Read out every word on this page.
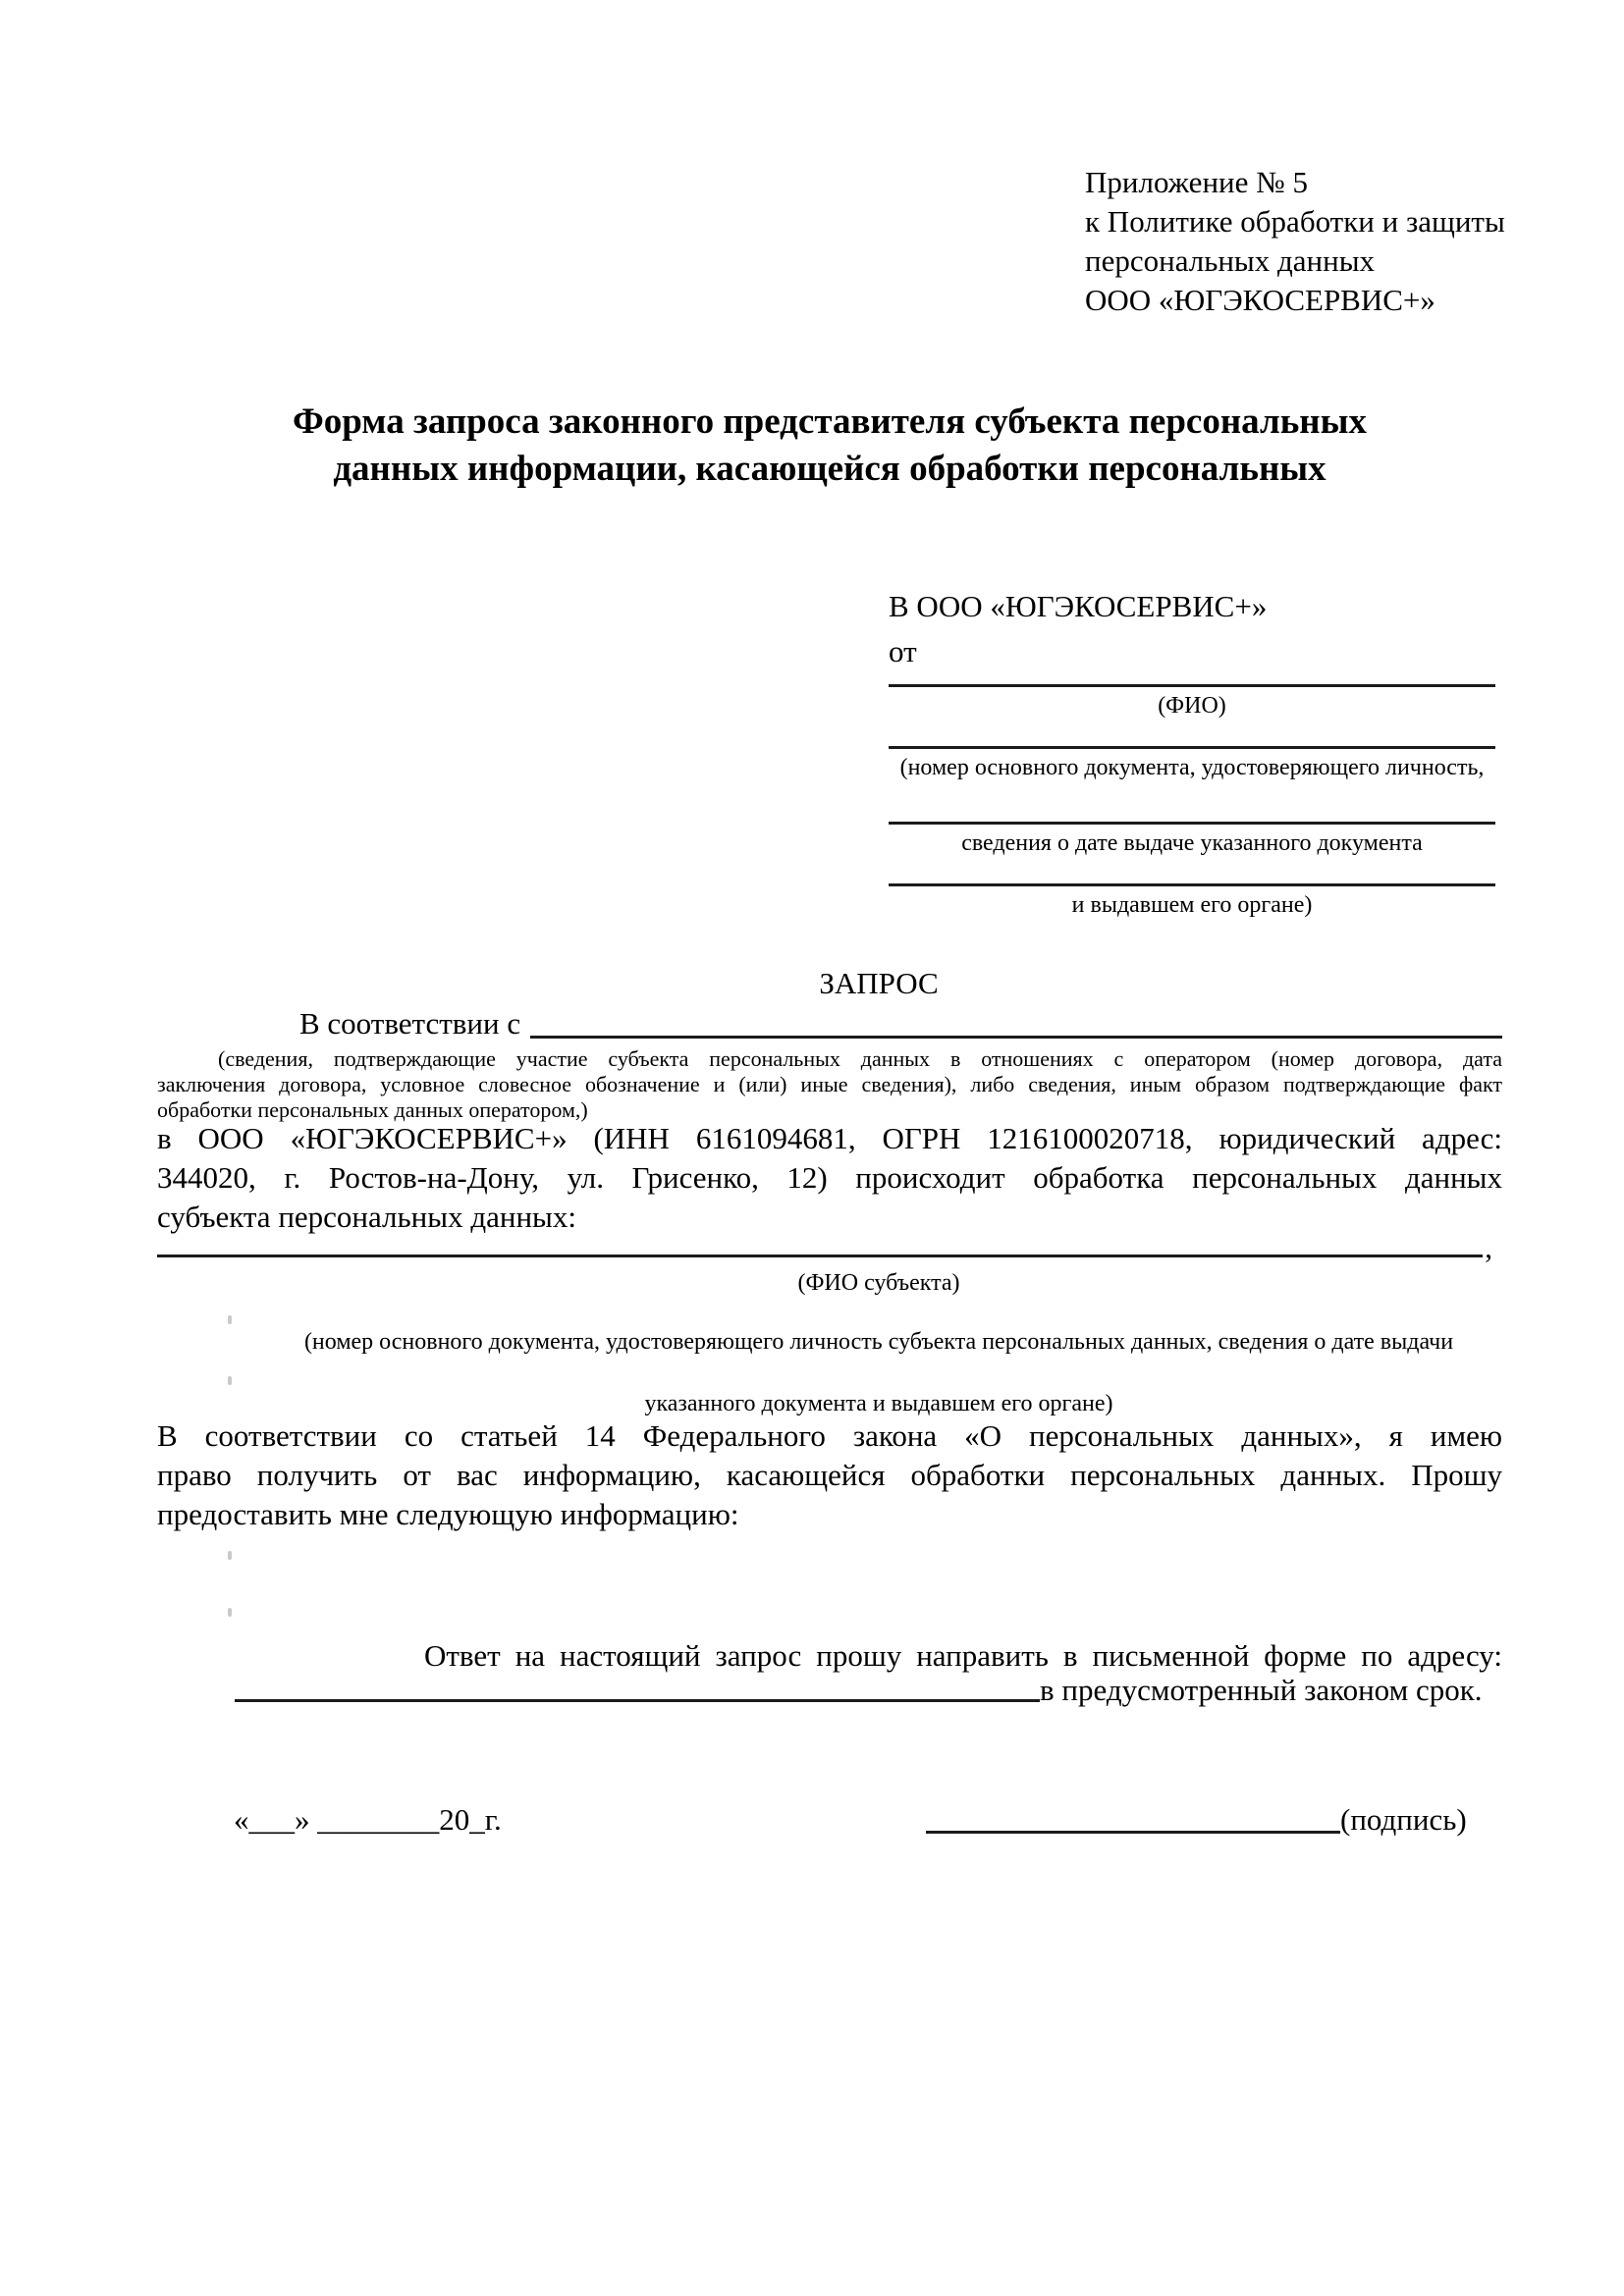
Приложение № 5
к Политике обработки и защиты
персональных данных
ООО «ЮГЭКОСЕРВИС+»
Форма запроса законного представителя субъекта персональных
данных информации, касающейся обработки персональных
В ООО «ЮГЭКОСЕРВИС+»
от
(ФИО)
(номер основного документа, удостоверяющего личность,
сведения о дате выдаче указанного документа
и выдавшем его органе)
ЗАПРОС
В соответствии с
(сведения, подтверждающие участие субъекта персональных данных в отношениях с оператором (номер договора, дата
заключения договора, условное словесное обозначение и (или) иные сведения), либо сведения, иным образом подтверждающие факт
обработки персональных данных оператором,)
в ООО «ЮГЭКОСЕРВИС+» (ИНН 6161094681, ОГРН 1216100020718, юридический адрес:
344020, г. Ростов-на-Дону, ул. Грисенко, 12) происходит обработка персональных данных
субъекта персональных данных:
,
(ФИО субъекта)
(номер основного документа, удостоверяющего личность субъекта персональных данных, сведения о дате выдачи
указанного документа и выдавшем его органе)
В соответствии со статьей 14 Федерального закона «О персональных данных», я имею
право получить от вас информацию, касающейся обработки персональных данных. Прошу
предоставить мне следующую информацию:
Ответ на настоящий запрос прошу направить в письменной форме по адресу:
в предусмотренный законом срок.
«___» ________20_г.	(подпись)
